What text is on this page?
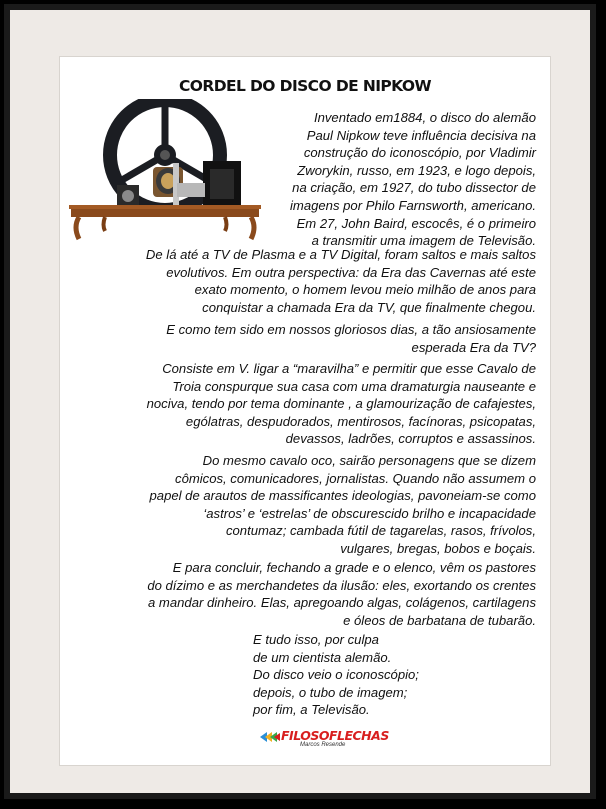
CORDEL DO DISCO DE NIPKOW
Inventado em1884, o disco do alemão
Paul Nipkow teve influência decisiva na
construção do iconoscópio, por Vladimir
Zworykin, russo, em 1923, e logo depois,
na criação, em 1927, do tubo dissector de
imagens por Philo Farnsworth, americano.
Em 27, John Baird, escocês, é o primeiro
a transmitir uma imagem de Televisão.
De lá até a TV de Plasma e a TV Digital, foram saltos e mais saltos
evolutivos. Em outra perspectiva: da Era das Cavernas até este
exato momento, o homem levou meio milhão de anos para
conquistar a chamada Era da TV, que finalmente chegou.
E como tem sido em nossos gloriosos dias, a tão ansiosamente
esperada Era da TV?
Consiste em V. ligar a “maravilha” e permitir que esse Cavalo de
Troia conspurque sua casa com uma dramaturgia nauseante e
nociva, tendo por tema dominante , a glamourização de cafajestes,
ególatras, despudorados, mentirosos, facínoras, psicopatas,
devassos, ladrões, corruptos e assassinos.
Do mesmo cavalo oco, sairão personagens que se dizem
cômicos, comunicadores, jornalistas. Quando não assumem o
papel de arautos de massificantes ideologias, pavoneiam-se como
‘astros’ e ‘estrelas’ de obscurescido brilho e incapacidade
contumaz; cambada fútil de tagarelas, rasos, frívolos,
vulgares, bregas, bobos e boçais.
E para concluir, fechando a grade e o elenco, vêm os pastores
do dízimo e as merchandetes da ilusão: eles, exortando os crentes
a mandar dinheiro. Elas, apregoando algas, colágenos, cartilagens
e óleos de barbatana de tubarão.
E tudo isso, por culpa
de um cientista alemão.
Do disco veio o iconoscópio;
depois, o tubo de imagem;
por fim, a Televisão.
FILOSOFLECHAS
Marcos Resende
